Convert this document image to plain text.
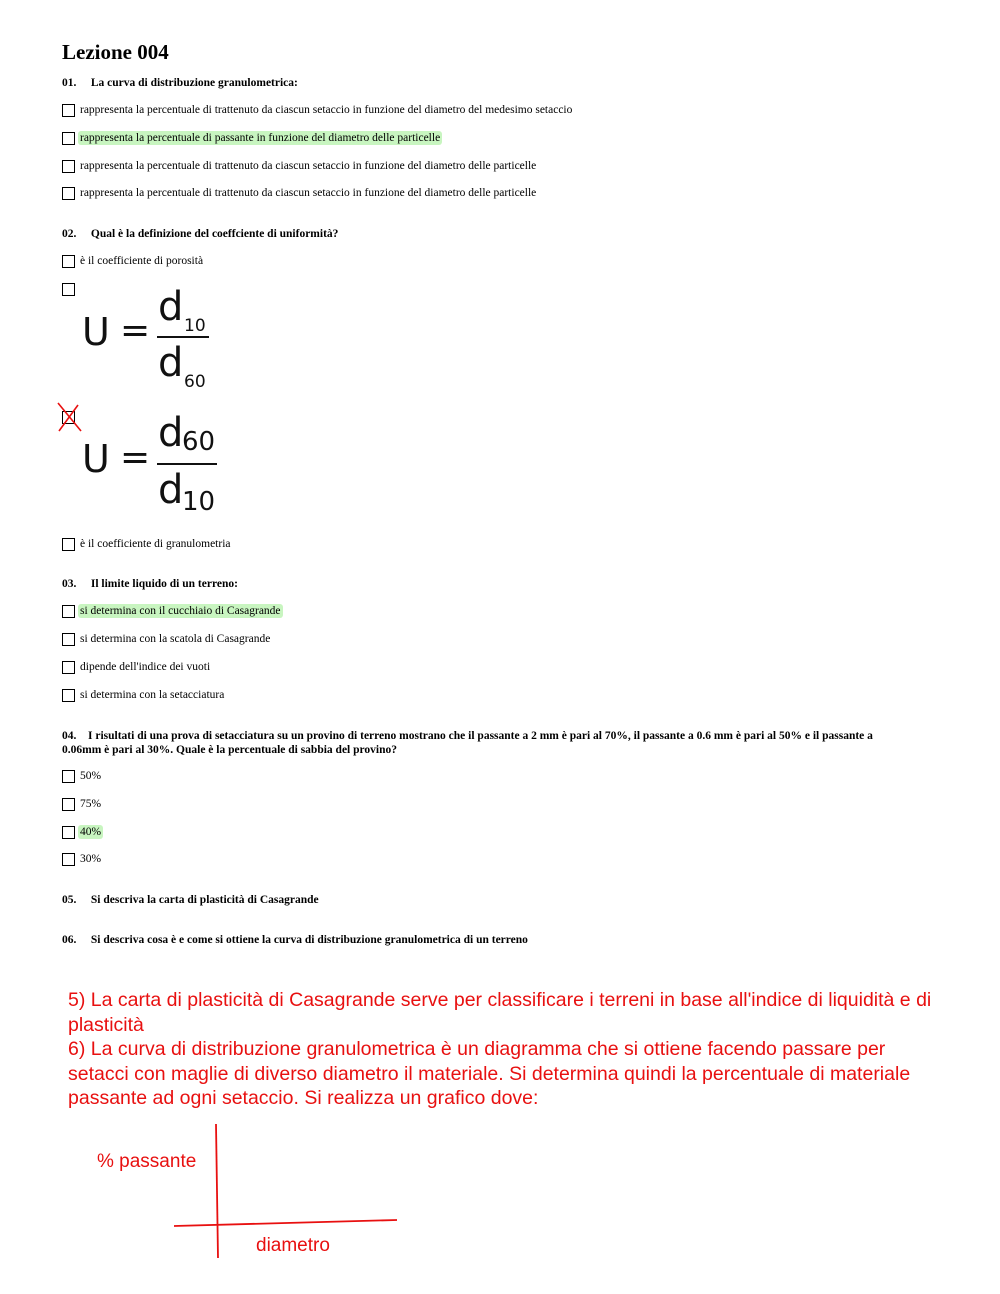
Lezione 004
01. La curva di distribuzione granulometrica:
rappresenta la percentuale di trattenuto da ciascun setaccio in funzione del diametro del medesimo setaccio
rappresenta la percentuale di passante in funzione del diametro delle particelle
rappresenta la percentuale di trattenuto da ciascun setaccio in funzione del diametro delle particelle
rappresenta la percentuale di trattenuto da ciascun setaccio in funzione del diametro delle particelle
02. Qual è la definizione del coeffciente di uniformità?
è il coefficiente di porosità
U =
d 10
d 60
U =
d
60
d
10
è il coefficiente di granulometria
03. Il limite liquido di un terreno:
si determina con il cucchiaio di Casagrande
si determina con la scatola di Casagrande
dipende dell'indice dei vuoti
si determina con la setacciatura
04. I risultati di una prova di setacciatura su un provino di terreno mostrano che il passante a 2 mm è pari al 70%, il passante a 0.6 mm è pari al 50% e il passante a 0.06mm è pari al 30%. Quale è la percentuale di sabbia del provino?
50%
75%
40%
30%
05. Si descriva la carta di plasticità di Casagrande
06. Si descriva cosa è e come si ottiene la curva di distribuzione granulometrica di un terreno

5) La carta di plasticità di Casagrande serve per classificare i terreni in base all'indice di liquidità e di plasticità

6) La curva di distribuzione granulometrica è un diagramma che si ottiene facendo passare per setacci con maglie di diverso diametro il materiale. Si determina quindi la percentuale di materiale passante ad ogni setaccio. Si realizza un grafico dove:

% passante
diametro
